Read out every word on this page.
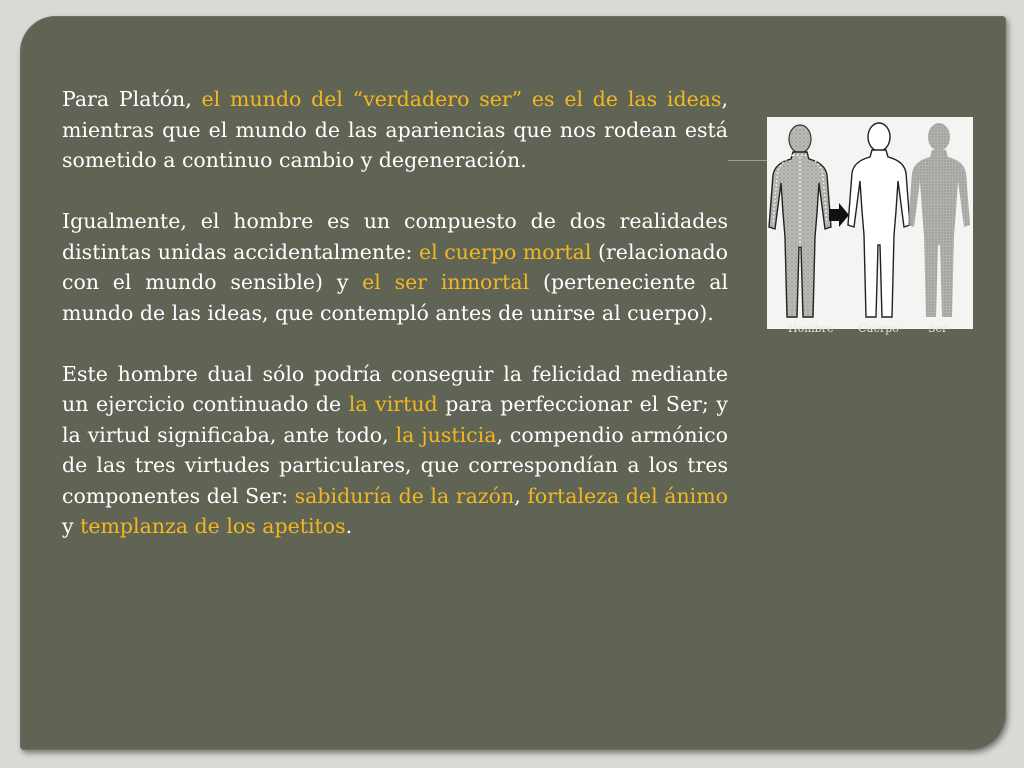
Para Platón, el mundo del “verdadero ser” es el de las ideas, mientras que el mundo de las apariencias que nos rodean está sometido a continuo cambio y degeneración.

Igualmente, el hombre es un compuesto de dos realidades distintas unidas accidentalmente: el cuerpo mortal (relacionado con el mundo sensible) y el ser inmortal (perteneciente al mundo de las ideas, que contempló antes de unirse al cuerpo).

Este hombre dual sólo podría conseguir la felicidad mediante un ejercicio continuado de la virtud para perfeccionar el Ser; y la virtud significaba, ante todo, la justicia, compendio armónico de las tres virtudes particulares, que correspondían a los tres componentes del Ser: sabiduría de la razón, fortaleza del ánimo y templanza de los apetitos.

Hombre Cuerpo	Ser
